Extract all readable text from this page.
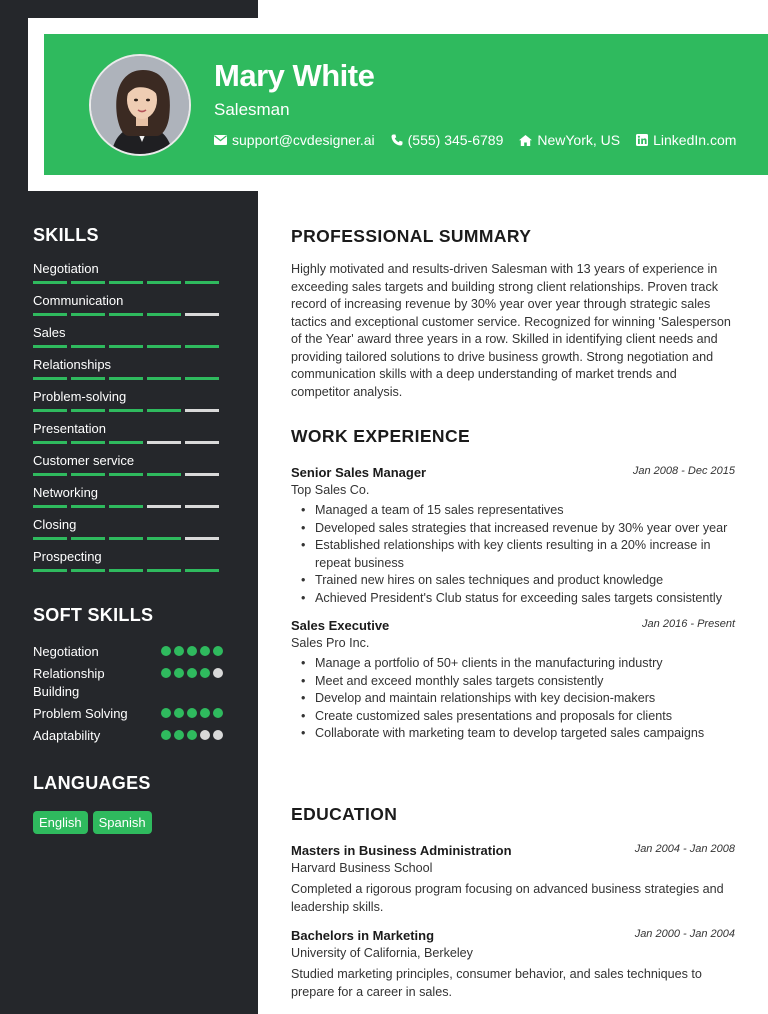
Mary White
Salesman
support@cvdesigner.ai (555) 345-6789 NewYork, US LinkedIn.com
SKILLS
Negotiation
Communication
Sales
Relationships
Problem-solving
Presentation
Customer service
Networking
Closing
Prospecting
SOFT SKILLS
Negotiation
Relationship Building
Problem Solving
Adaptability
LANGUAGES
English	Spanish
PROFESSIONAL SUMMARY
Highly motivated and results-driven Salesman with 13 years of experience in exceeding sales targets and building strong client relationships. Proven track record of increasing revenue by 30% year over year through strategic sales tactics and exceptional customer service. Recognized for winning 'Salesperson of the Year' award three years in a row. Skilled in identifying client needs and providing tailored solutions to drive business growth. Strong negotiation and communication skills with a deep understanding of market trends and competitor analysis.
WORK EXPERIENCE
Senior Sales Manager	Jan 2008 - Dec 2015
Top Sales Co.
• Managed a team of 15 sales representatives
• Developed sales strategies that increased revenue by 30% year over year
• Established relationships with key clients resulting in a 20% increase in repeat business
• Trained new hires on sales techniques and product knowledge
• Achieved President's Club status for exceeding sales targets consistently
Sales Executive	Jan 2016 - Present
Sales Pro Inc.
• Manage a portfolio of 50+ clients in the manufacturing industry
• Meet and exceed monthly sales targets consistently
• Develop and maintain relationships with key decision-makers
• Create customized sales presentations and proposals for clients
• Collaborate with marketing team to develop targeted sales campaigns
EDUCATION
Masters in Business Administration	Jan 2004 - Jan 2008
Harvard Business School
Completed a rigorous program focusing on advanced business strategies and leadership skills.
Bachelors in Marketing	Jan 2000 - Jan 2004
University of California, Berkeley
Studied marketing principles, consumer behavior, and sales techniques to prepare for a career in sales.
